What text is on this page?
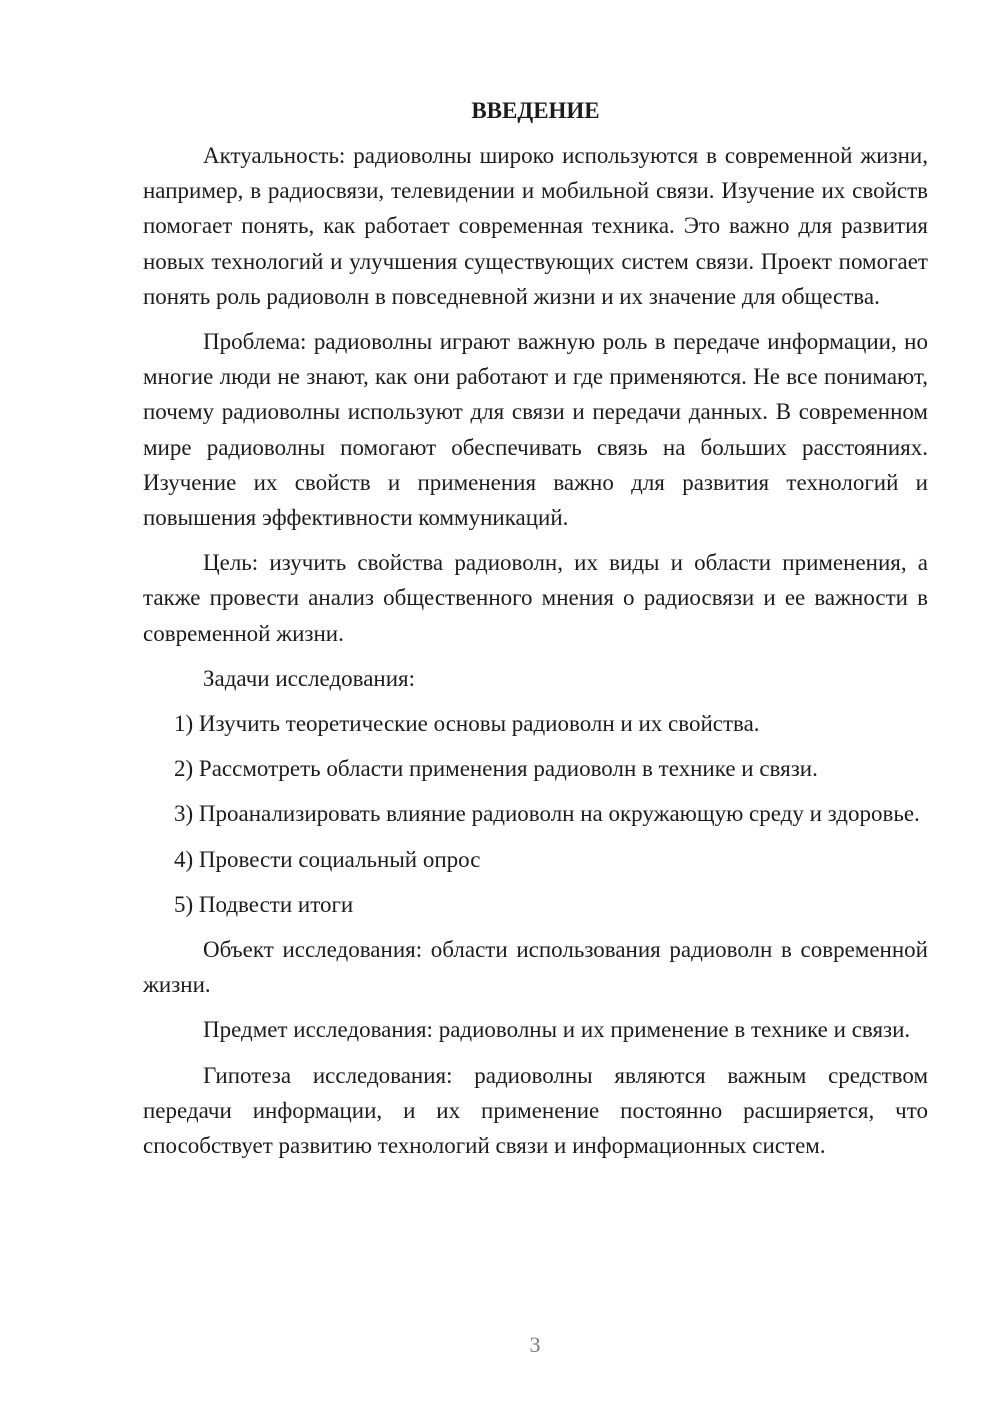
ВВЕДЕНИЕ

Актуальность: радиоволны широко используются в современной жизни, например, в радиосвязи, телевидении и мобильной связи. Изучение их свойств помогает понять, как работает современная техника. Это важно для развития новых технологий и улучшения существующих систем связи. Проект помогает понять роль радиоволн в повседневной жизни и их значение для общества.

Проблема: радиоволны играют важную роль в передаче информации, но многие люди не знают, как они работают и где применяются. Не все понимают, почему радиоволны используют для связи и передачи данных. В современном мире радиоволны помогают обеспечивать связь на больших расстояниях. Изучение их свойств и применения важно для развития технологий и повышения эффективности коммуникаций.

Цель: изучить свойства радиоволн, их виды и области применения, а также провести анализ общественного мнения о радиосвязи и ее важности в современной жизни.

Задачи исследования:

1) Изучить теоретические основы радиоволн и их свойства.

2) Рассмотреть области применения радиоволн в технике и связи.

3) Проанализировать влияние радиоволн на окружающую среду и здоровье.

4) Провести социальный опрос

5) Подвести итоги

Объект исследования: области использования радиоволн в современной жизни.

Предмет исследования: радиоволны и их применение в технике и связи.

Гипотеза исследования: радиоволны являются важным средством передачи информации, и их применение постоянно расширяется, что способствует развитию технологий связи и информационных систем.

3
